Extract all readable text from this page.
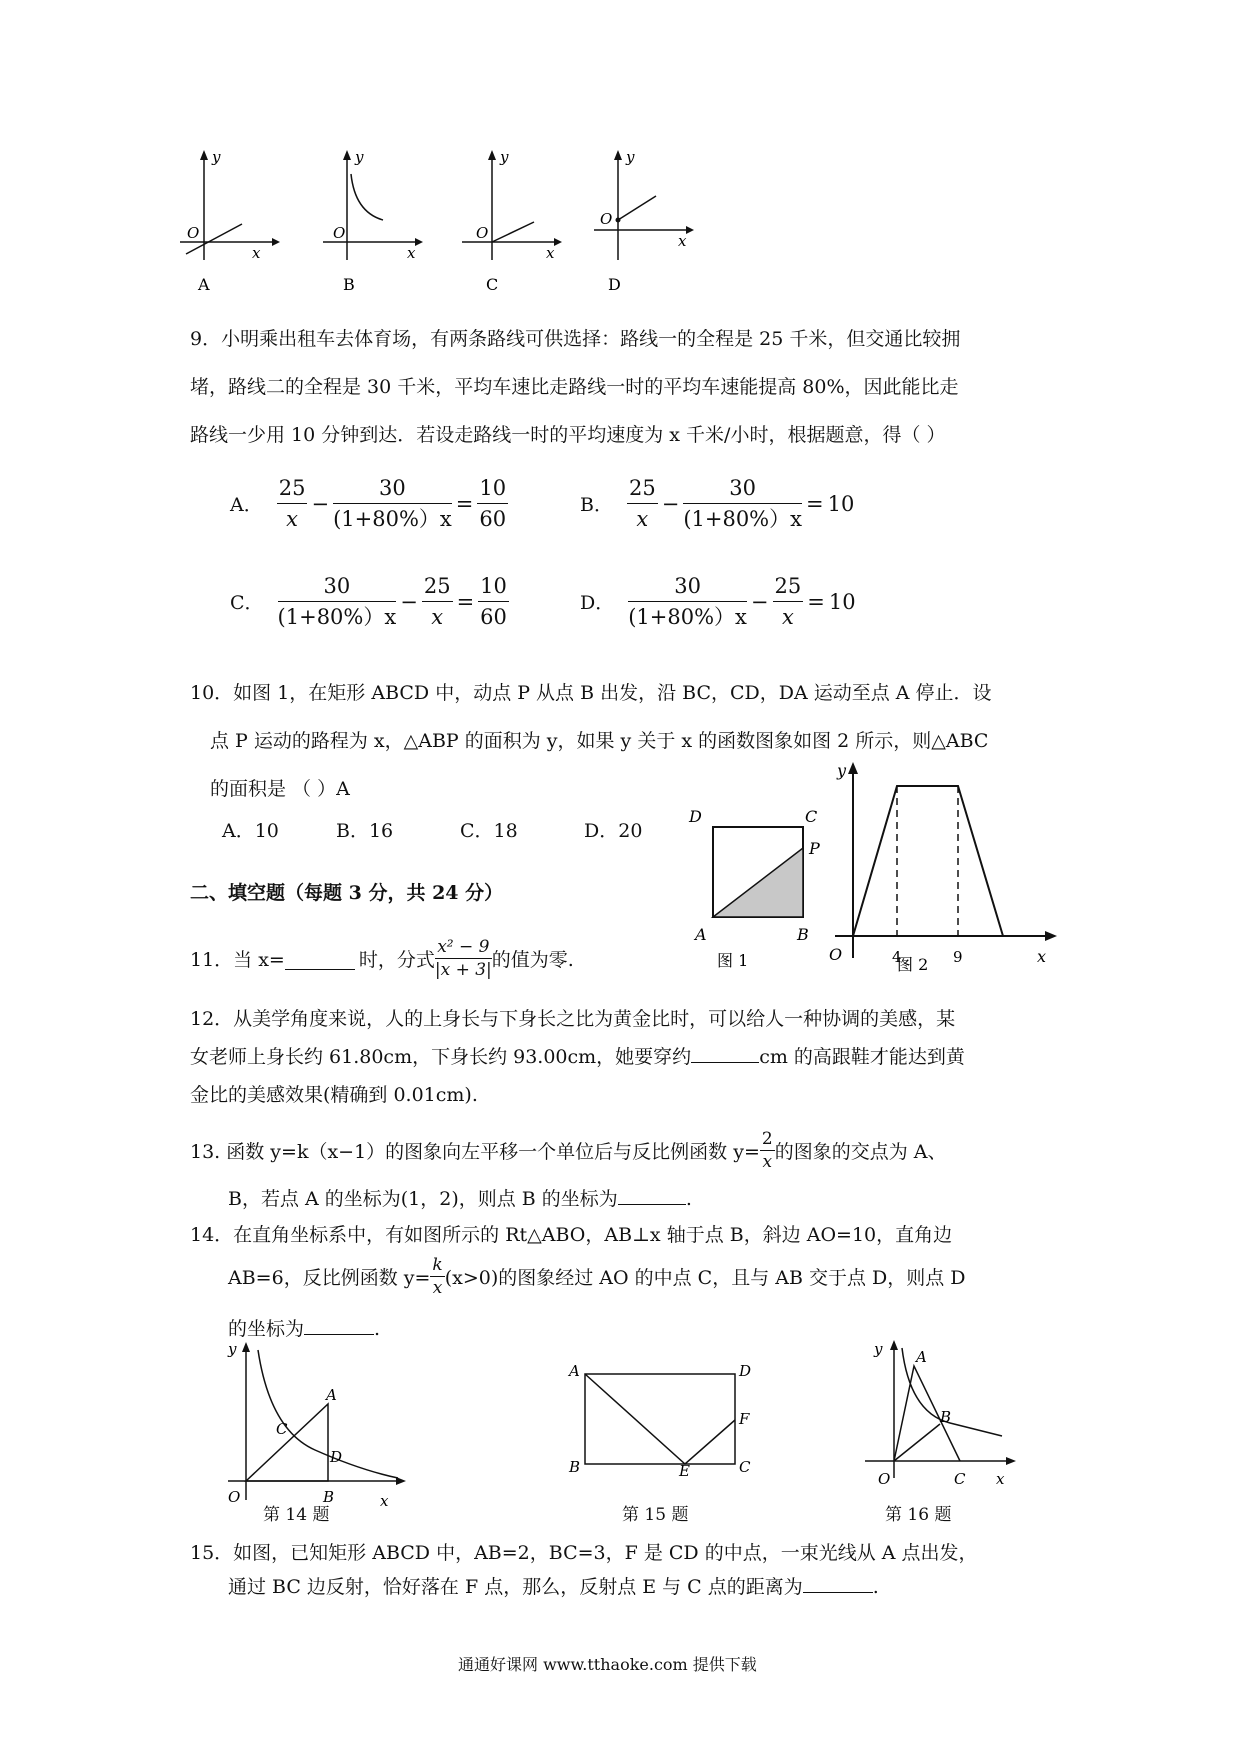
y
x
O
A
y
x
O
B
y
x
O
C
y
x
O
D
9．小明乘出租车去体育场，有两条路线可供选择：路线一的全程是 25 千米，但交通比较拥
堵，路线二的全程是 30 千米，平均车速比走路线一时的平均车速能提高 80%，因此能比走
路线一少用 10 分钟到达．若设走路线一时的平均速度为 x 千米/小时，根据题意，得（ ）
A． $\frac{25}{x} - \frac{30}{(1+80\%)x} = \frac{10}{60}$	B． $\frac{25}{x} - \frac{30}{(1+80\%)x} = 10$
C． $\frac{30}{(1+80\%)x} - \frac{25}{x} = \frac{10}{60}$	D． $\frac{30}{(1+80\%)x} - \frac{25}{x} = 10$
10．如图 1，在矩形 ABCD 中，动点 P 从点 B 出发，沿 BC，CD，DA 运动至点 A 停止．设
点 P 运动的路程为 x，△ABP 的面积为 y，如果 y 关于 x 的函数图象如图 2 所示，则△ABC
的面积是 （ ）A
A．10	B．16	C．18	D．20
D	C
P
A	B
图 1
y
x
O	4	9
图 2
二、填空题（每题 3 分，共 24 分）
11．当 x=	时，分式 $\frac{\text{x² − 9}}{|x + 3|}$ 的值为零.
12．从美学角度来说，人的上身长与下身长之比为黄金比时，可以给人一种协调的美感，某
女老师上身长约 61.80cm，下身长约 93.00cm，她要穿约	cm 的高跟鞋才能达到黄
金比的美感效果(精确到 0.01cm).
13. 函数 y=k（x−1）的图象向左平移一个单位后与反比例函数 $y= \frac{2}{x}$ 的图象的交点为 A、
B，若点 A 的坐标为(1，2)，则点 B 的坐标为	.
14．在直角坐标系中，有如图所示的 Rt△ABO，AB⊥x 轴于点 B，斜边 AO=10，直角边
AB=6，反比例函数 $y= \frac{k}{x} (x>0)$的图象经过 AO 的中点 C，且与 AB 交于点 D，则点 D
的坐标为	.
y
x
O
A
B
C
D
A
B	C
D
E
F
y
x
O
A
B
C
第 14 题	第 15 题	第 16 题
15．如图，已知矩形 ABCD 中，AB=2，BC=3，F 是 CD 的中点，一束光线从 A 点出发，
通过 BC 边反射，恰好落在 F 点，那么，反射点 E 与 C 点的距离为	.
通通好课网 www.tthaoke.com 提供下载
